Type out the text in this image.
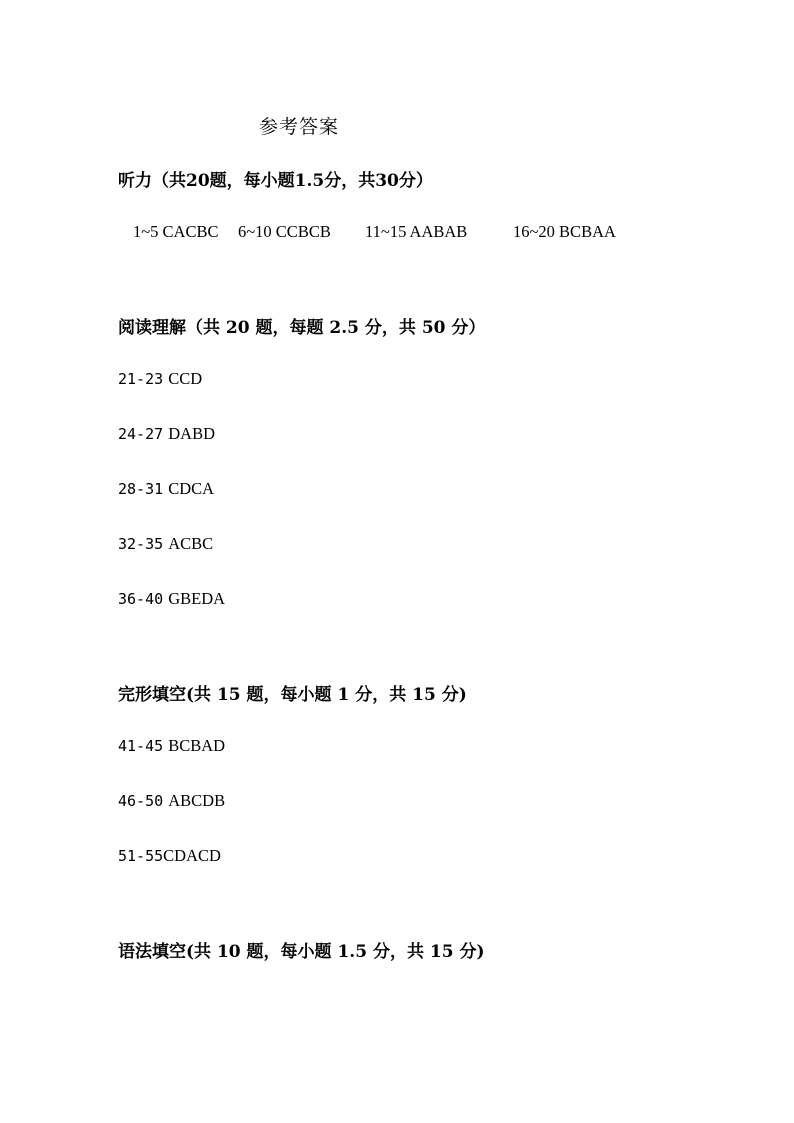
参考答案
听力（共20题，每小题1.5分，共30分）
1~5 CACBC 6~10 CCBCB 11~15 AABAB	16~20 BCBAA
阅读理解（共 20 题，每题 2.5 分，共 50 分）
21-23 CCD
24-27 DABD
28-31 CDCA
32-35 ACBC
36-40 GBEDA
完形填空(共 15 题，每小题 1 分，共 15 分)
41-45 BCBAD
46-50 ABCDB
51-55CDACD
语法填空(共 10 题，每小题 1.5 分，共 15 分)
